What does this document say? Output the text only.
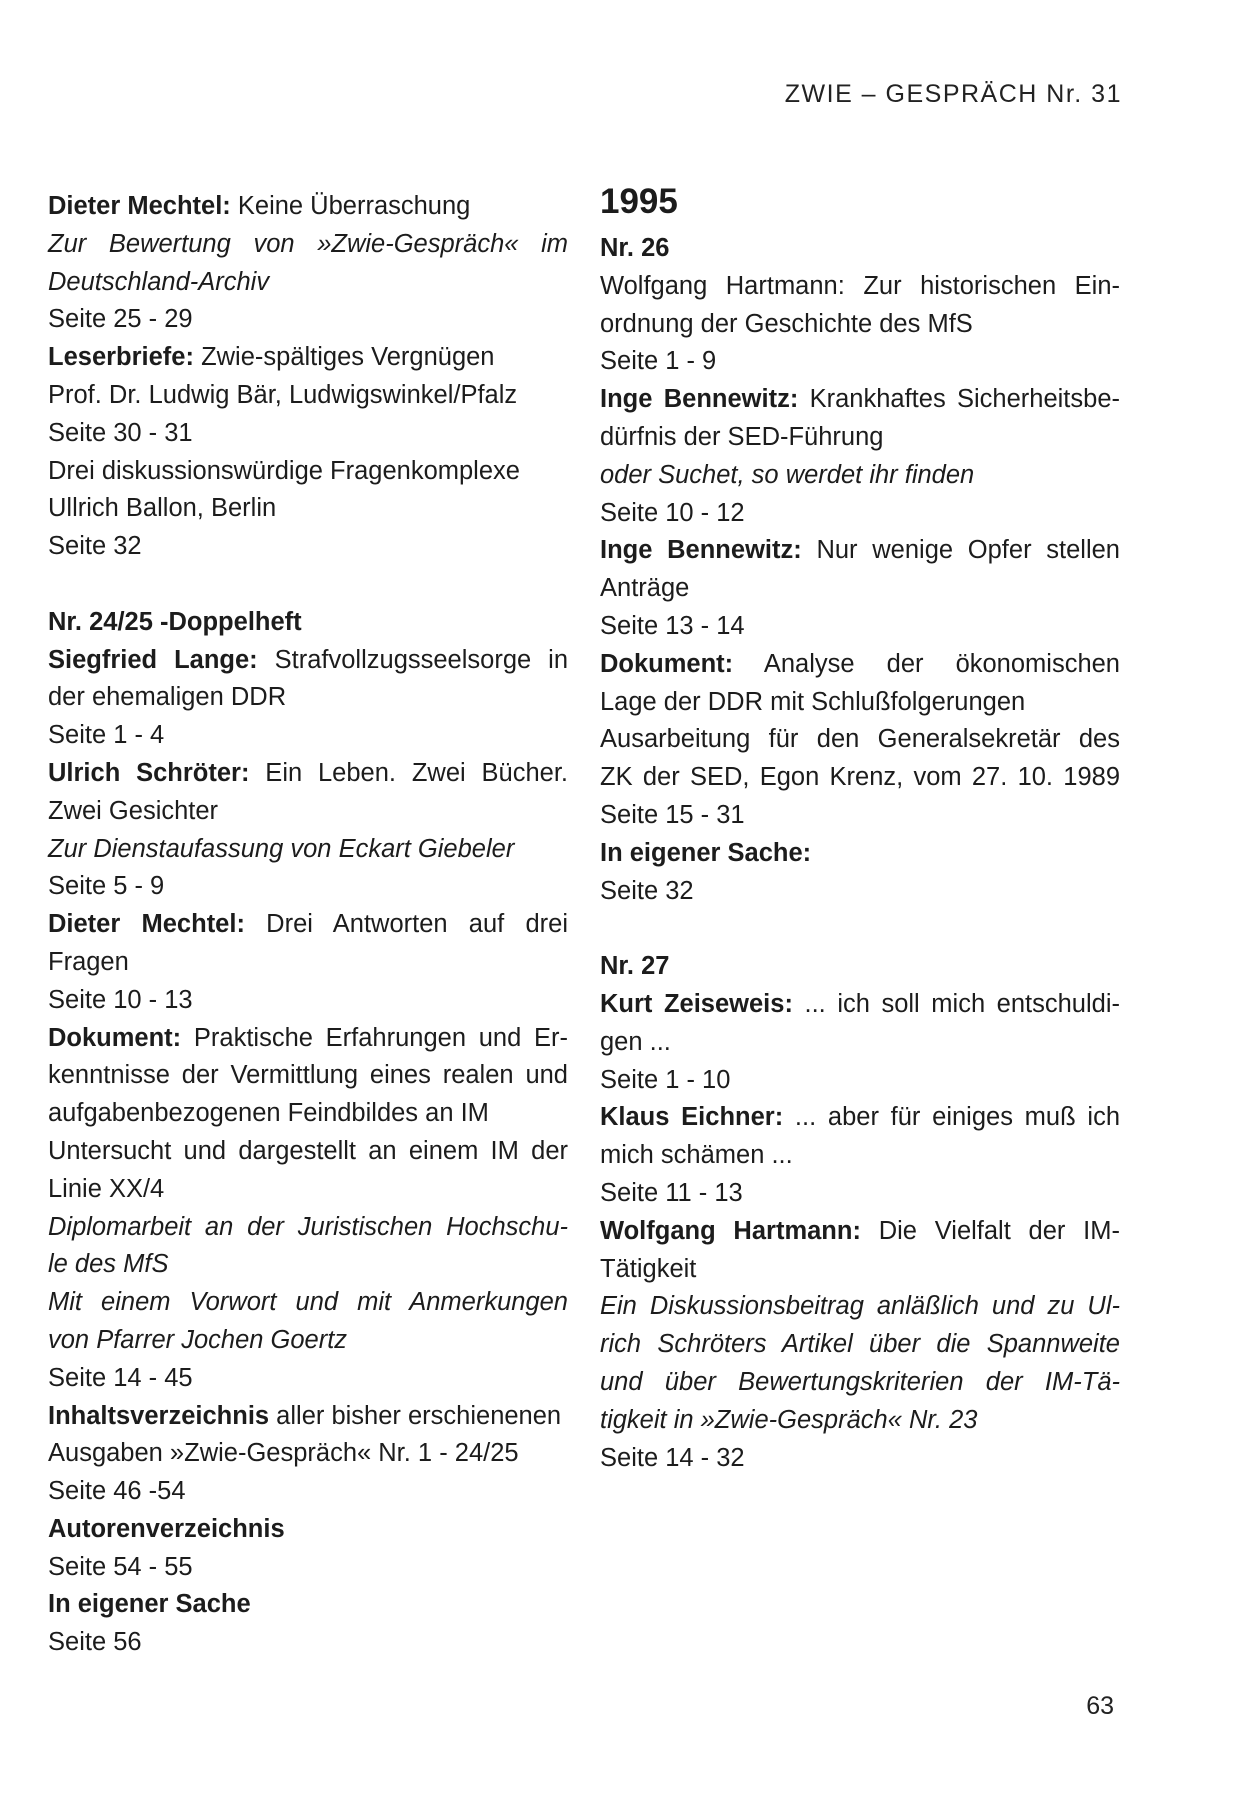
ZWIE – GESPRÄCH Nr. 31
Dieter Mechtel: Keine Überraschung
Zur Bewertung von »Zwie-Gespräch« im
Deutschland-Archiv
Seite 25 - 29
Leserbriefe: Zwie-spältiges Vergnügen
Prof. Dr. Ludwig Bär, Ludwigswinkel/Pfalz
Seite 30 - 31
Drei diskussionswürdige Fragenkomplexe
Ullrich Ballon, Berlin
Seite 32
Nr. 24/25 -Doppelheft
Siegfried Lange: Strafvollzugsseelsorge in
der ehemaligen DDR
Seite 1 - 4
Ulrich Schröter: Ein Leben. Zwei Bücher.
Zwei Gesichter
Zur Dienstaufassung von Eckart Giebeler
Seite 5 - 9
Dieter Mechtel: Drei Antworten auf drei
Fragen
Seite 10 - 13
Dokument: Praktische Erfahrungen und Er-
kenntnisse der Vermittlung eines realen und
aufgabenbezogenen Feindbildes an IM
Untersucht und dargestellt an einem IM der
Linie XX/4
Diplomarbeit an der Juristischen Hochschu-
le des MfS
Mit einem Vorwort und mit Anmerkungen
von Pfarrer Jochen Goertz
Seite 14 - 45
Inhaltsverzeichnis aller bisher erschienenen
Ausgaben »Zwie-Gespräch« Nr. 1 - 24/25
Seite 46 -54
Autorenverzeichnis
Seite 54 - 55
In eigener Sache
Seite 56
1995
Nr. 26
Wolfgang Hartmann: Zur historischen Ein-
ordnung der Geschichte des MfS
Seite 1 - 9
Inge Bennewitz: Krankhaftes Sicherheitsbe-
dürfnis der SED-Führung
oder Suchet, so werdet ihr finden
Seite 10 - 12
Inge Bennewitz: Nur wenige Opfer stellen
Anträge
Seite 13 - 14
Dokument: Analyse der ökonomischen
Lage der DDR mit Schlußfolgerungen
Ausarbeitung für den Generalsekretär des
ZK der SED, Egon Krenz, vom 27. 10. 1989
Seite 15 - 31
In eigener Sache:
Seite 32
Nr. 27
Kurt Zeiseweis: ... ich soll mich entschuldi-
gen ...
Seite 1 - 10
Klaus Eichner: ... aber für einiges muß ich
mich schämen ...
Seite 11 - 13
Wolfgang Hartmann: Die Vielfalt der IM-
Tätigkeit
Ein Diskussionsbeitrag anläßlich und zu Ul-
rich Schröters Artikel über die Spannweite
und über Bewertungskriterien der IM-Tä-
tigkeit in »Zwie-Gespräch« Nr. 23
Seite 14 - 32
63
